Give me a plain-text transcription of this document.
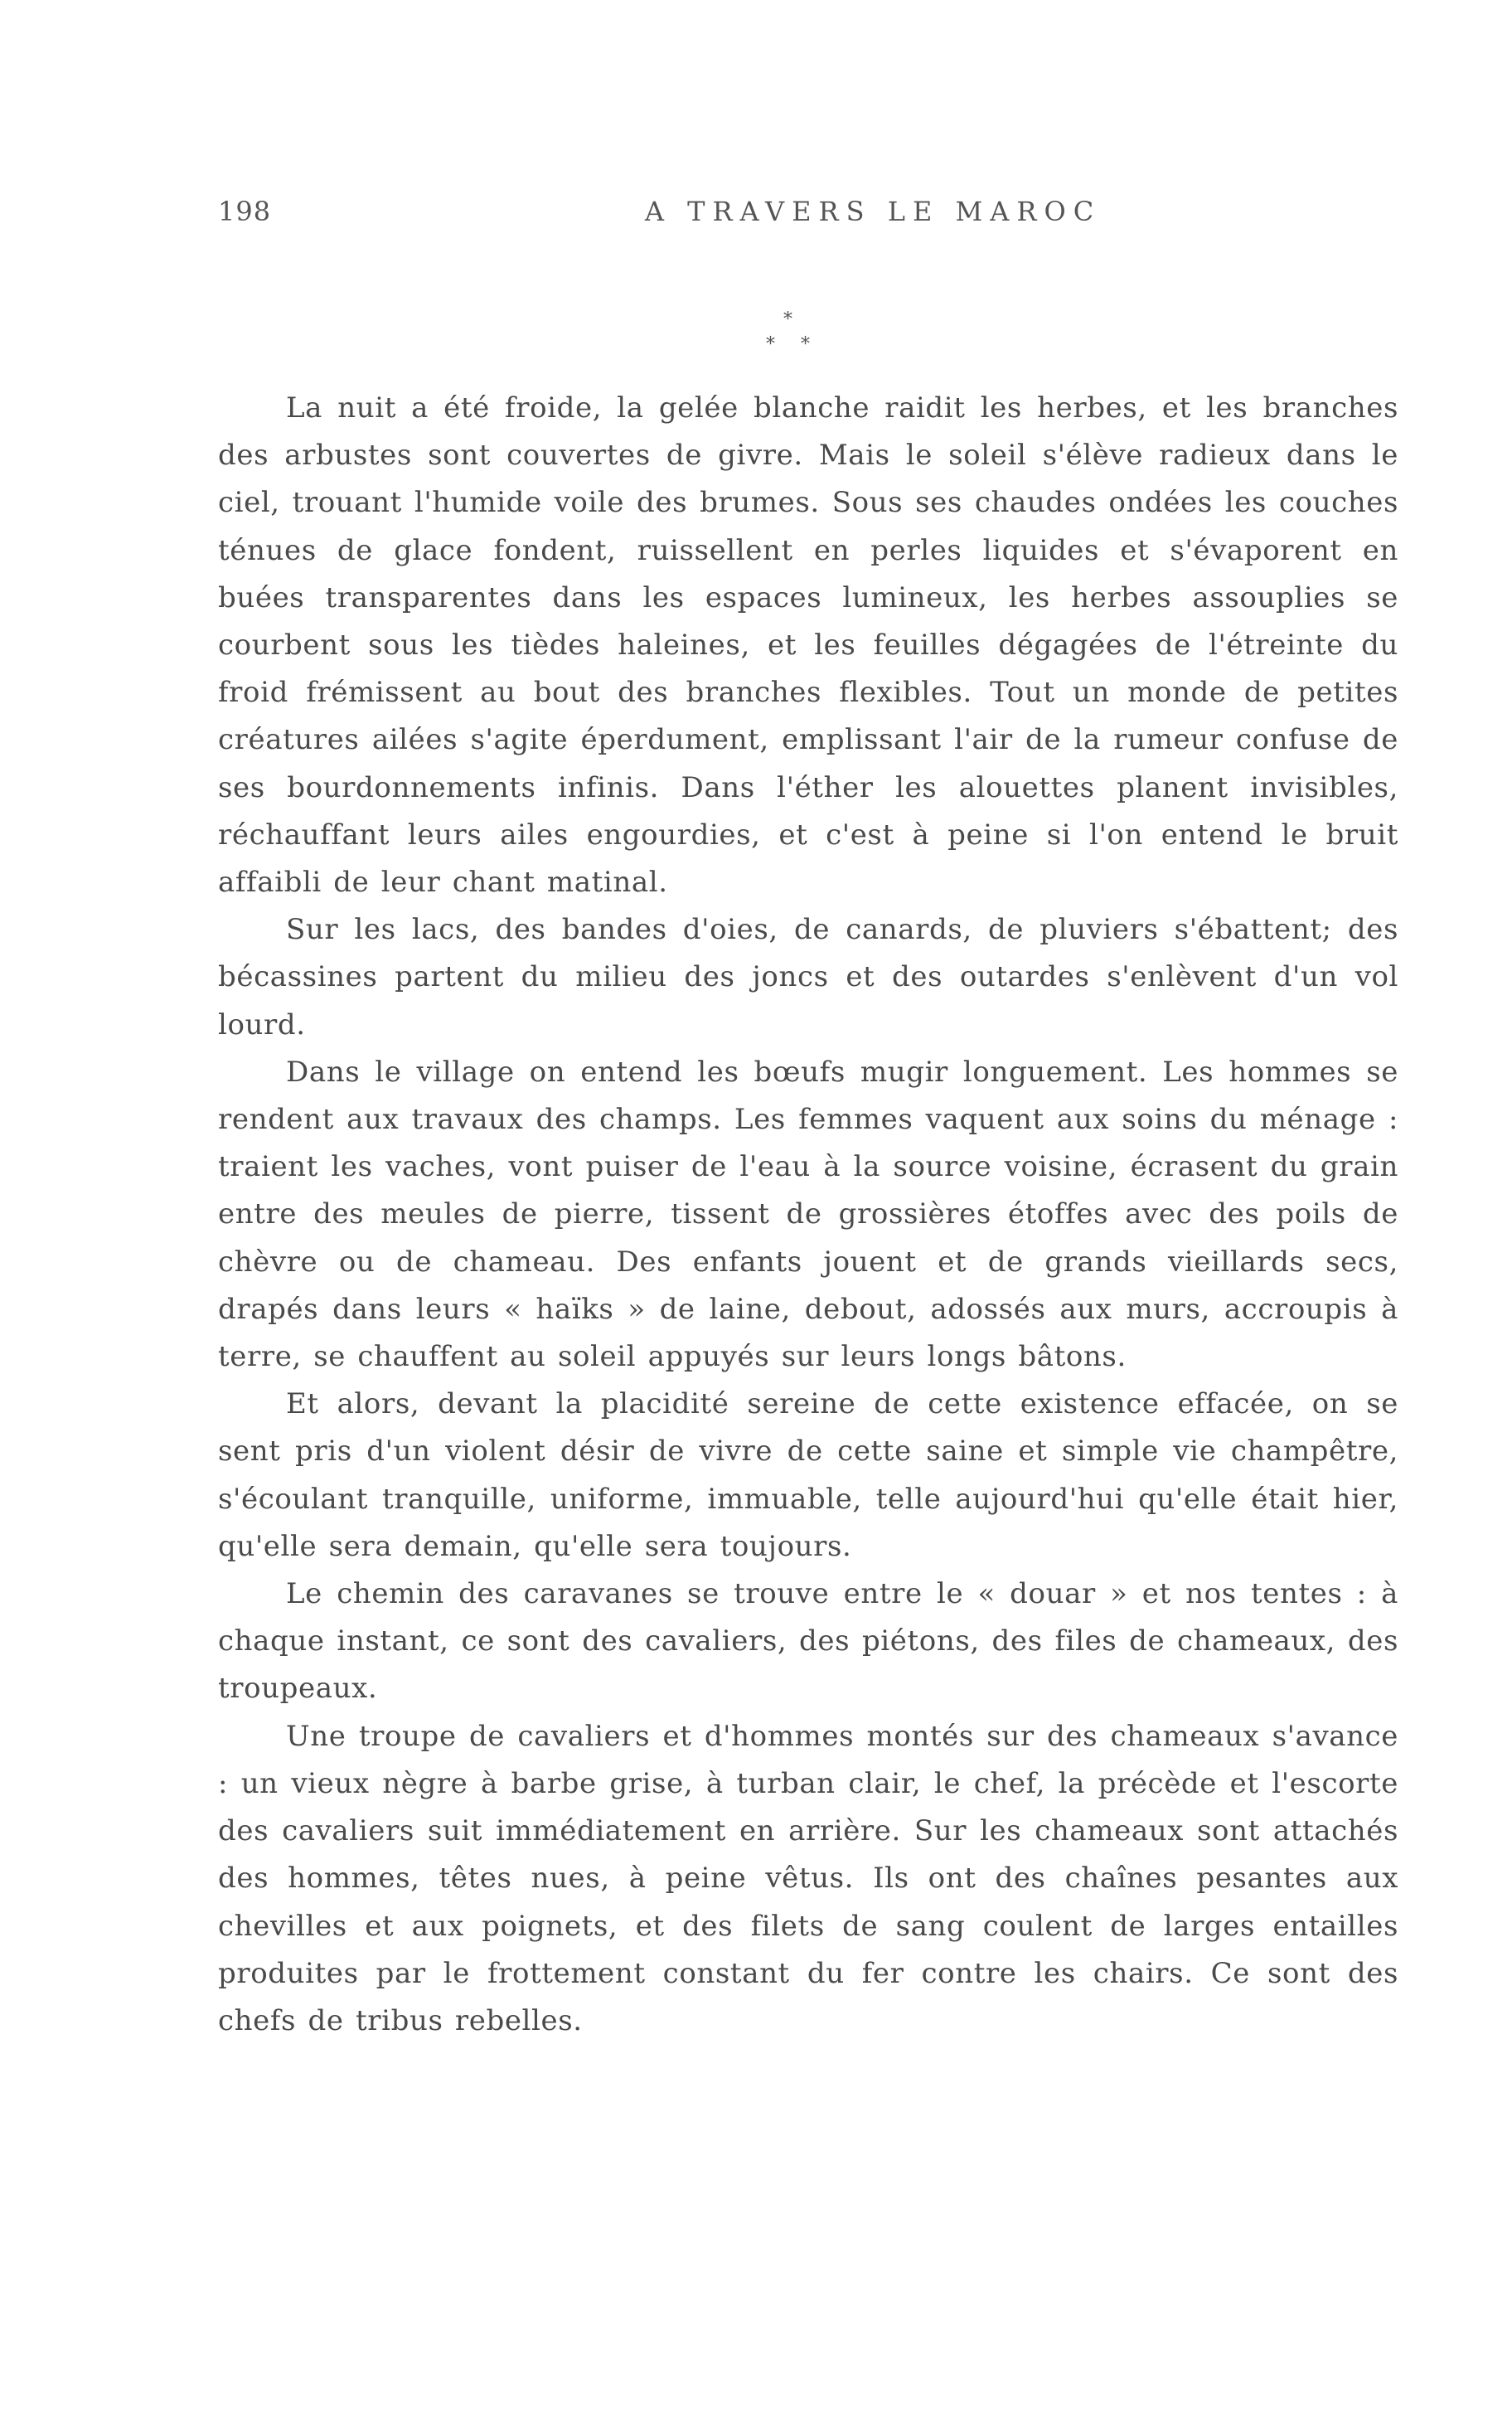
198	A TRAVERS LE MAROC
*
* *

La nuit a été froide, la gelée blanche raidit les herbes, et les branches des arbustes sont couvertes de givre. Mais le soleil s'élève radieux dans le ciel, trouant l'humide voile des brumes. Sous ses chaudes ondées les couches ténues de glace fondent, ruissellent en perles liquides et s'évaporent en buées transparentes dans les espaces lumineux, les herbes assouplies se courbent sous les tièdes haleines, et les feuilles dégagées de l'étreinte du froid frémissent au bout des branches flexibles. Tout un monde de petites créatures ailées s'agite éperdument, emplissant l'air de la rumeur confuse de ses bourdonnements infinis. Dans l'éther les alouettes planent invisibles, réchauffant leurs ailes engourdies, et c'est à peine si l'on entend le bruit affaibli de leur chant matinal.

Sur les lacs, des bandes d'oies, de canards, de pluviers s'ébattent; des bécassines partent du milieu des joncs et des outardes s'enlèvent d'un vol lourd.

Dans le village on entend les bœufs mugir longuement. Les hommes se rendent aux travaux des champs. Les femmes vaquent aux soins du ménage : traient les vaches, vont puiser de l'eau à la source voisine, écrasent du grain entre des meules de pierre, tissent de grossières étoffes avec des poils de chèvre ou de chameau. Des enfants jouent et de grands vieillards secs, drapés dans leurs « haïks » de laine, debout, adossés aux murs, accroupis à terre, se chauffent au soleil appuyés sur leurs longs bâtons.

Et alors, devant la placidité sereine de cette existence effacée, on se sent pris d'un violent désir de vivre de cette saine et simple vie champêtre, s'écoulant tranquille, uniforme, immuable, telle aujourd'hui qu'elle était hier, qu'elle sera demain, qu'elle sera toujours.

Le chemin des caravanes se trouve entre le « douar » et nos tentes : à chaque instant, ce sont des cavaliers, des piétons, des files de chameaux, des troupeaux.

Une troupe de cavaliers et d'hommes montés sur des chameaux s'avance : un vieux nègre à barbe grise, à turban clair, le chef, la précède et l'escorte des cavaliers suit immédiatement en arrière. Sur les chameaux sont attachés des hommes, têtes nues, à peine vêtus. Ils ont des chaînes pesantes aux chevilles et aux poignets, et des filets de sang coulent de larges entailles produites par le frottement constant du fer contre les chairs. Ce sont des chefs de tribus rebelles.
